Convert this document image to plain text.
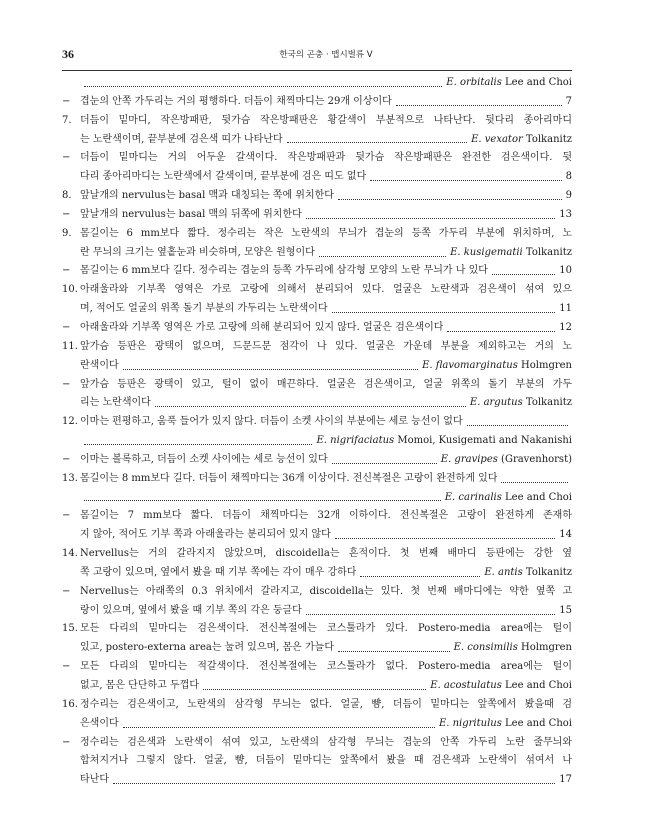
36	한국의 곤충 · 맵시벌류 V
E. orbitalis Lee and Choi
− 겹눈의 안쪽 가두리는 거의 평행하다. 더듬이 채찍마디는 29개 이상이다	7
7. 더듬이 밑마디, 작은방패판, 뒷가슴 작은방패판은 황갈색이 부분적으로 나타난다. 뒷다리 종아리마디
는 노란색이며, 끝부분에 검은색 띠가 나타난다	E. vexator Tolkanitz
− 더듬이 밑마디는 거의 어두운 갈색이다. 작은방패판과 뒷가슴 작은방패판은 완전한 검은색이다. 뒷
다리 종아리마디는 노란색에서 갈색이며, 끝부분에 검은 띠도 없다	8
8. 앞날개의 nervulus는 basal 맥과 대칭되는 쪽에 위치한다	9
− 앞날개의 nervulus는 basal 맥의 뒤쪽에 위치한다	13
9. 몸길이는 6 mm보다 짧다. 정수리는 작은 노란색의 무늬가 겹눈의 등쪽 가두리 부분에 위치하며, 노
란 무늬의 크기는 옆홑눈과 비슷하며, 모양은 원형이다	E. kusigematii Tolkanitz
− 몸길이는 6 mm보다 길다. 정수리는 겹눈의 등쪽 가두리에 삼각형 모양의 노란 무늬가 나 있다	10
10. 아래울라와 기부쪽 영역은 가로 고랑에 의해서 분리되어 있다. 얼굴은 노란색과 검은색이 섞여 있으
며, 적어도 얼굴의 위쪽 돌기 부분의 가두리는 노란색이다	11
− 아래울라와 기부쪽 영역은 가로 고랑에 의해 분리되어 있지 않다. 얼굴은 검은색이다	12
11. 앞가슴 등판은 광택이 없으며, 드문드문 점각이 나 있다. 얼굴은 가운데 부분을 제외하고는 거의 노
란색이다	E. flavomarginatus Holmgren
− 앞가슴 등판은 광택이 있고, 털이 없이 매끈하다. 얼굴은 검은색이고, 얼굴 위쪽의 돌기 부분의 가두
리는 노란색이다	E. argutus Tolkanitz
12. 이마는 편평하고, 움푹 들어가 있지 않다. 더듬이 소켓 사이의 부분에는 세로 능선이 없다
E. nigrifaciatus Momoi, Kusigemati and Nakanishi
− 이마는 볼록하고, 더듬이 소켓 사이에는 세로 능선이 있다	E. gravipes (Gravenhorst)
13. 몸길이는 8 mm보다 길다. 더듬이 채찍마디는 36개 이상이다. 전신복절은 고랑이 완전하게 있다
E. carinalis Lee and Choi
− 몸길이는 7 mm보다 짧다. 더듬이 채찍마디는 32개 이하이다. 전신복절은 고랑이 완전하게 존재하
지 않아, 적어도 기부 쪽과 아래울라는 분리되어 있지 않다	14
14. Nervellus는 거의 갈라지지 않았으며, discoidella는 흔적이다. 첫 번째 배마디 등판에는 강한 옆
쪽 고랑이 있으며, 옆에서 봤을 때 기부 쪽에는 각이 매우 강하다	E. antis Tolkanitz
− Nervellus는 아래쪽의 0.3 위치에서 갈라지고, discoidella는 있다. 첫 번째 배마디에는 약한 옆쪽 고
랑이 있으며, 옆에서 봤을 때 기부 쪽의 각은 둥글다	15
15. 모든 다리의 밑마디는 검은색이다. 전신복절에는 코스툴라가 있다. Postero-media area에는 털이
있고, postero-externa area는 눌려 있으며, 몸은 가늘다	E. consimilis Holmgren
− 모든 다리의 밑마디는 적갈색이다. 전신복절에는 코스툴라가 없다. Postero-media area에는 털이
없고, 몸은 단단하고 두껍다	E. acostulatus Lee and Choi
16. 정수리는 검은색이고, 노란색의 삼각형 무늬는 없다. 얼굴, 뺨, 더듬이 밑마디는 앞쪽에서 봤을때 검
은색이다	E. nigritulus Lee and Choi
− 정수리는 검은색과 노란색이 섞여 있고, 노란색의 삼각형 무늬는 겹눈의 안쪽 가두리 노란 줄무늬와
합쳐지거나 그렇지 않다. 얼굴, 뺨, 더듬이 밑마디는 앞쪽에서 봤을 때 검은색과 노란색이 섞여서 나
타난다	17
